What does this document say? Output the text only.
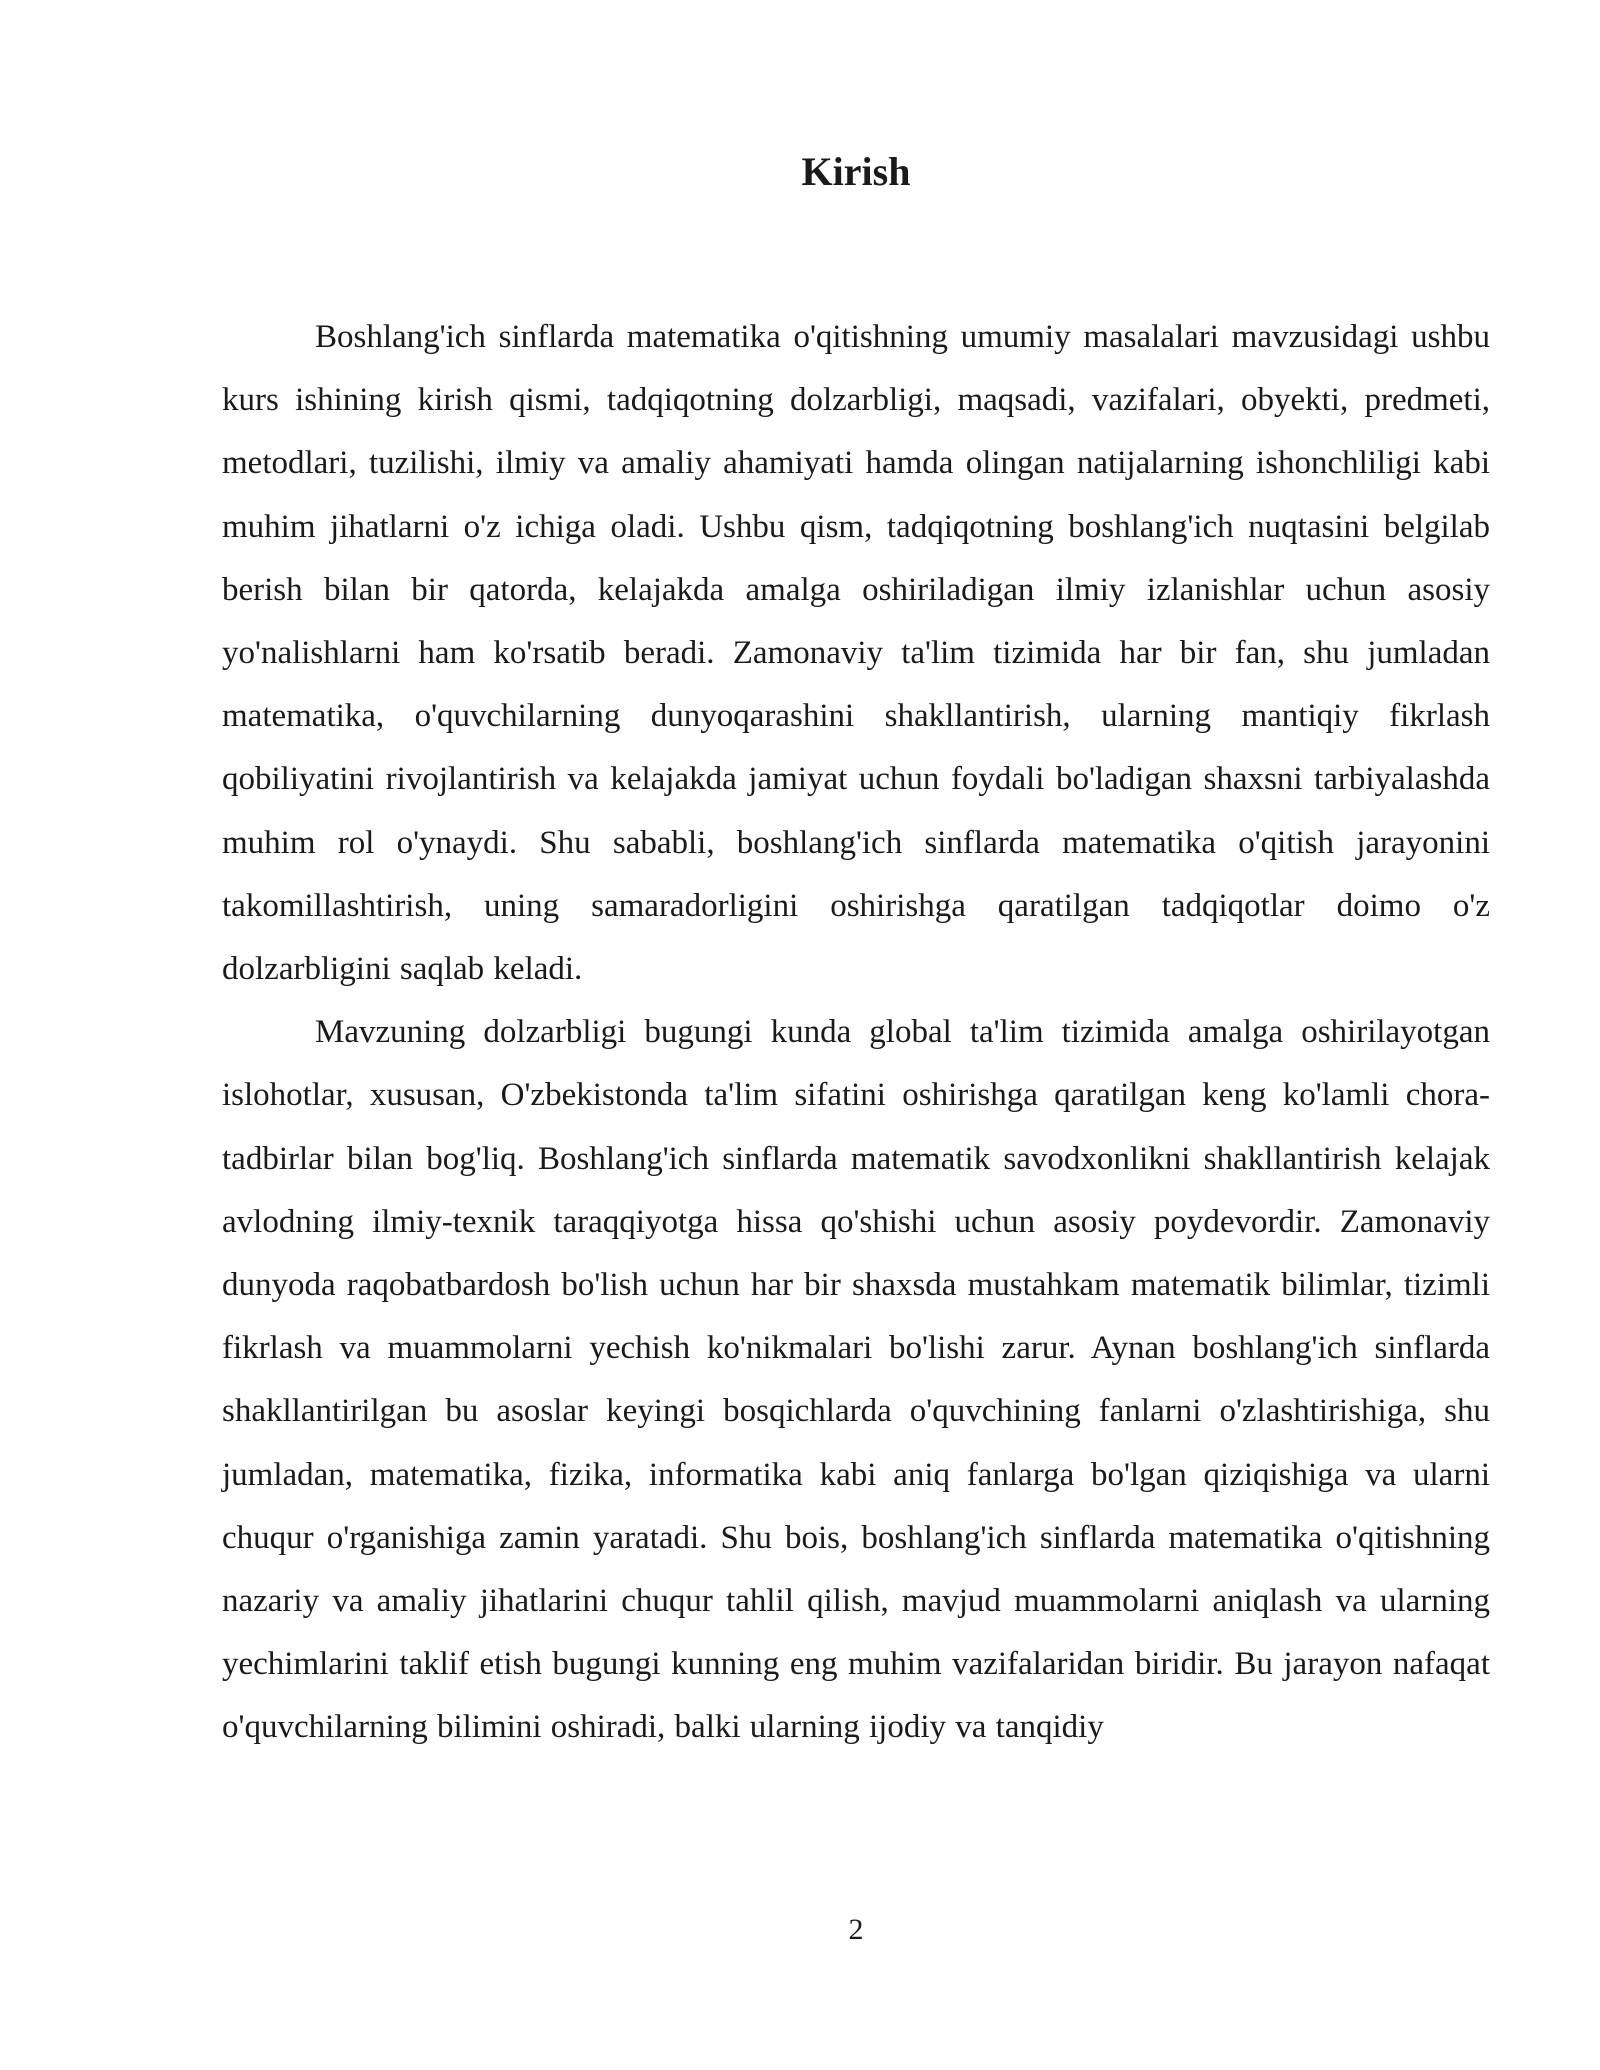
Kirish

Boshlang'ich sinflarda matematika o'qitishning umumiy masalalari mavzusidagi ushbu kurs ishining kirish qismi, tadqiqotning dolzarbligi, maqsadi, vazifalari, obyekti, predmeti, metodlari, tuzilishi, ilmiy va amaliy ahamiyati hamda olingan natijalarning ishonchliligi kabi muhim jihatlarni o'z ichiga oladi. Ushbu qism, tadqiqotning boshlang'ich nuqtasini belgilab berish bilan bir qatorda, kelajakda amalga oshiriladigan ilmiy izlanishlar uchun asosiy yo'nalishlarni ham ko'rsatib beradi. Zamonaviy ta'lim tizimida har bir fan, shu jumladan matematika, o'quvchilarning dunyoqarashini shakllantirish, ularning mantiqiy fikrlash qobiliyatini rivojlantirish va kelajakda jamiyat uchun foydali bo'ladigan shaxsni tarbiyalashda muhim rol o'ynaydi. Shu sababli, boshlang'ich sinflarda matematika o'qitish jarayonini takomillashtirish, uning samaradorligini oshirishga qaratilgan tadqiqotlar doimo o'z dolzarbligini saqlab keladi.

Mavzuning dolzarbligi bugungi kunda global ta'lim tizimida amalga oshirilayotgan islohotlar, xususan, O'zbekistonda ta'lim sifatini oshirishga qaratilgan keng ko'lamli chora-tadbirlar bilan bog'liq. Boshlang'ich sinflarda matematik savodxonlikni shakllantirish kelajak avlodning ilmiy-texnik taraqqiyotga hissa qo'shishi uchun asosiy poydevordir. Zamonaviy dunyoda raqobatbardosh bo'lish uchun har bir shaxsda mustahkam matematik bilimlar, tizimli fikrlash va muammolarni yechish ko'nikmalari bo'lishi zarur. Aynan boshlang'ich sinflarda shakllantirilgan bu asoslar keyingi bosqichlarda o'quvchining fanlarni o'zlashtirishiga, shu jumladan, matematika, fizika, informatika kabi aniq fanlarga bo'lgan qiziqishiga va ularni chuqur o'rganishiga zamin yaratadi. Shu bois, boshlang'ich sinflarda matematika o'qitishning nazariy va amaliy jihatlarini chuqur tahlil qilish, mavjud muammolarni aniqlash va ularning yechimlarini taklif etish bugungi kunning eng muhim vazifalaridan biridir. Bu jarayon nafaqat o'quvchilarning bilimini oshiradi, balki ularning ijodiy va tanqidiy

2
